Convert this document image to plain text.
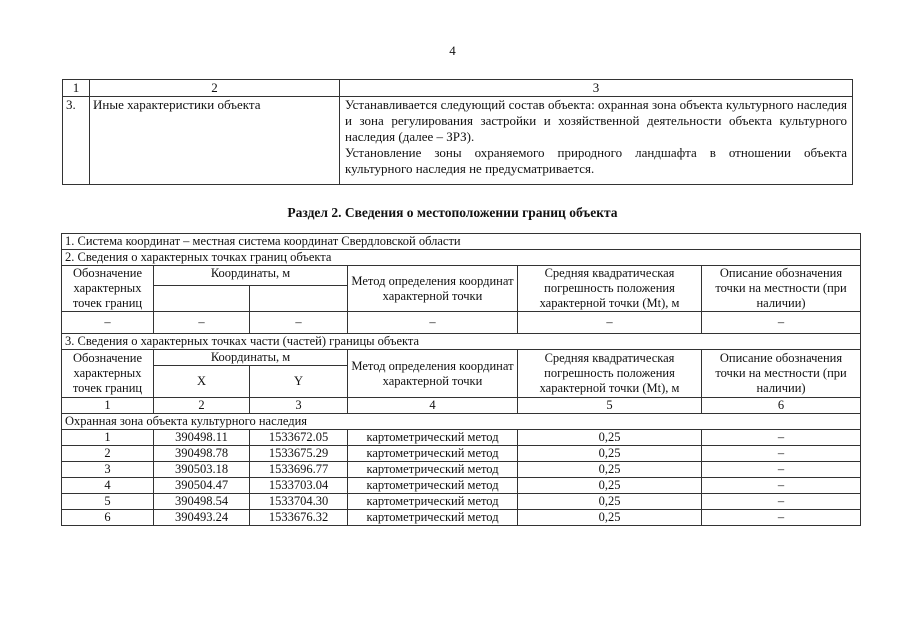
4
1	2	3
3.	Иные характеристики объекта	Устанавливается следующий состав объекта: охранная зона объекта культурного наследия и зона регулирования застройки и хозяйственной деятельности объекта культурного наследия (далее – ЗРЗ).
Установление зоны охраняемого природного ландшафта в отношении объекта культурного наследия не предусматривается.
Раздел 2. Сведения о местоположении границ объекта
1. Система координат – местная система координат Свердловской области					
2. Сведения о характерных точках границ объекта					
Обозначение характерных точек границ	Координаты, м		Метод определения координат характерной точки	Средняя квадратическая погрешность положения характерной точки (Mt), м	Описание обозначения точки на местности (при наличии)

–	–	–	–	–	–
3. Сведения о характерных точках части (частей) границы объекта					
Обозначение характерных точек границ	Координаты, м		Метод определения координат характерной точки	Средняя квадратическая погрешность положения характерной точки (Mt), м	Описание обозначения точки на местности (при наличии)
	X	Y			
1	2	3	4	5	6
Охранная зона объекта культурного наследия					
1	390498.11	1533672.05	картометрический метод	0,25	–
2	390498.78	1533675.29	картометрический метод	0,25	–
3	390503.18	1533696.77	картометрический метод	0,25	–
4	390504.47	1533703.04	картометрический метод	0,25	–
5	390498.54	1533704.30	картометрический метод	0,25	–
6	390493.24	1533676.32	картометрический метод	0,25	–
